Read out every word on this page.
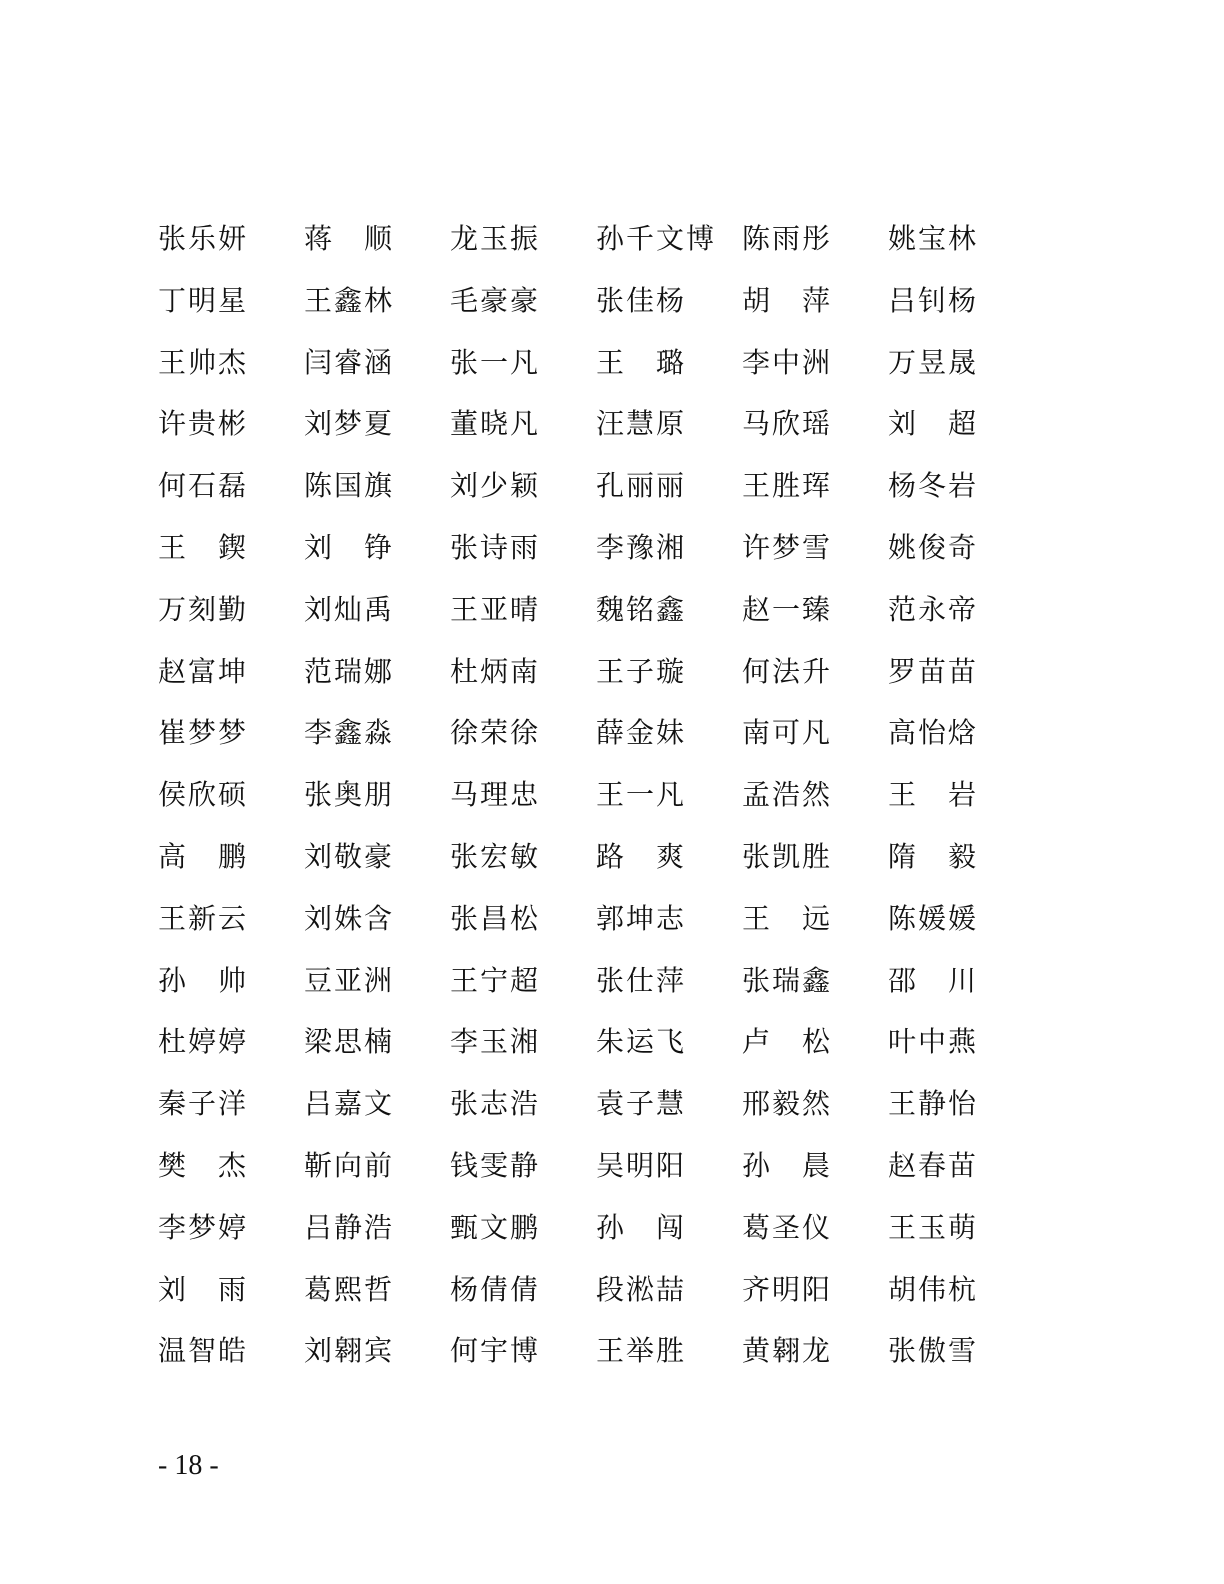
张乐妍	蒋　顺	龙玉振	孙千文博 陈雨彤	姚宝林
丁明星	王鑫林	毛豪豪	张佳杨	胡　萍	吕钊杨
王帅杰	闫睿涵	张一凡	王　璐	李中洲	万昱晟
许贵彬	刘梦夏	董晓凡	汪慧原	马欣瑶	刘　超
何石磊	陈国旗	刘少颖	孔丽丽	王胜珲	杨冬岩
王　鍥	刘　铮	张诗雨	李豫湘	许梦雪	姚俊奇
万刻勤	刘灿禹	王亚晴	魏铭鑫	赵一臻	范永帝
赵富坤	范瑞娜	杜炳南	王子璇	何法升	罗苗苗
崔梦梦	李鑫淼	徐荣徐	薛金妹	南可凡	高怡焓
侯欣硕	张奥朋	马理忠	王一凡	孟浩然	王　岩
高　鹏	刘敬豪	张宏敏	路　爽	张凯胜	隋　毅
王新云	刘姝含	张昌松	郭坤志	王　远	陈媛媛
孙　帅	豆亚洲	王宁超	张仕萍	张瑞鑫	邵　川
杜婷婷	梁思楠	李玉湘	朱运飞	卢　松	叶中燕
秦子洋	吕嘉文	张志浩	袁子慧	邢毅然	王静怡
樊　杰	靳向前	钱雯静	吴明阳	孙　晨	赵春苗
李梦婷	吕静浩	甄文鹏	孙　闯	葛圣仪	王玉萌
刘　雨	葛熙哲	杨倩倩	段淞喆	齐明阳	胡伟杭
温智皓	刘翱宾	何宇博	王举胜	黄翱龙	张傲雪
- 18 -
